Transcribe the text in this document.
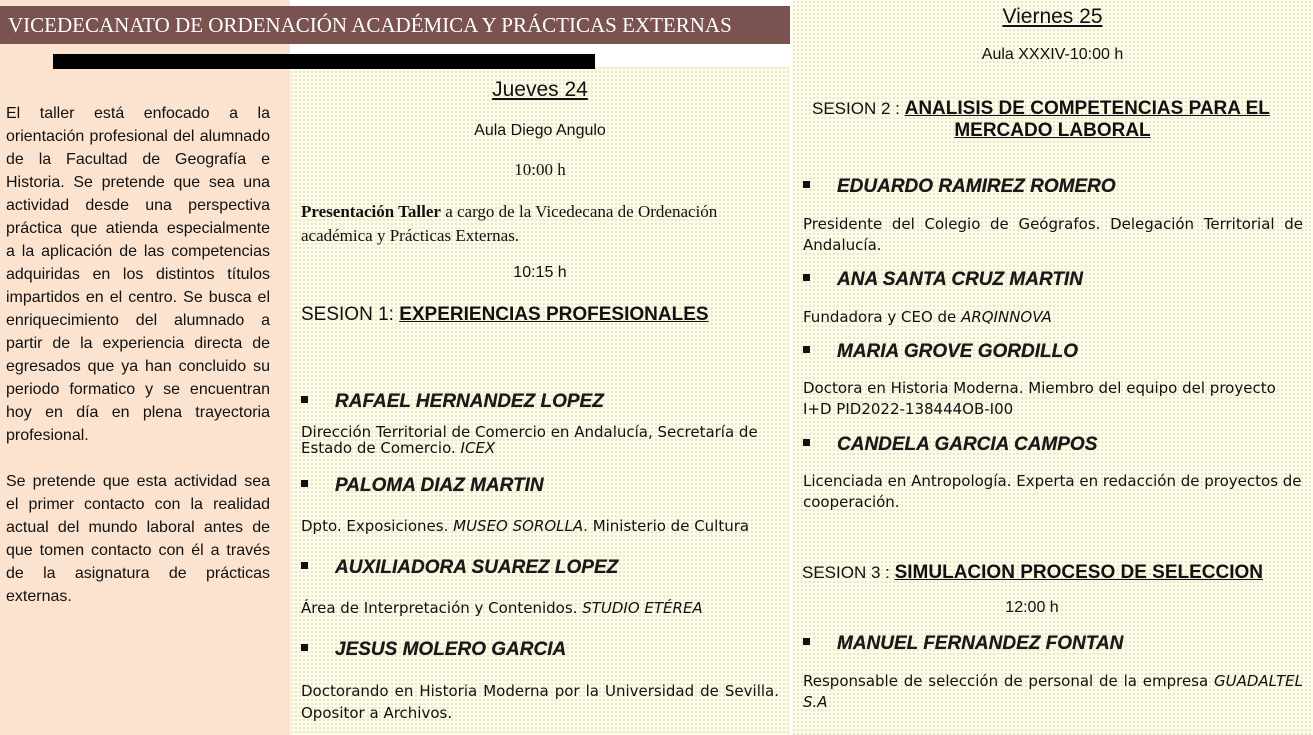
El taller está enfocado a la orientación profesional del alumnado de la Facultad de Geografía e Historia. Se pretende que sea una actividad desde una perspectiva práctica que atienda especialmente a la aplicación de las competencias adquiridas en los distintos títulos impartidos en el centro. Se busca el enriquecimiento del alumnado a partir de la experiencia directa de egresados que ya han concluido su periodo formatico y se encuentran hoy en día en plena trayectoria profesional.

Se pretende que esta actividad sea el primer contacto con la realidad actual del mundo laboral antes de que tomen contacto con él a través de la asignatura de prácticas externas.

Jueves 24
Aula Diego Angulo
10:00 h
Presentación Taller a cargo de la Vicedecana de Ordenación académica y Prácticas Externas.
10:15 h
SESION 1: EXPERIENCIAS PROFESIONALES
RAFAEL HERNANDEZ LOPEZ
Dirección Territorial de Comercio en Andalucía, Secretaría de Estado de Comercio. ICEX
PALOMA DIAZ MARTIN
Dpto. Exposiciones. MUSEO SOROLLA. Ministerio de Cultura
AUXILIADORA SUAREZ LOPEZ
Área de Interpretación y Contenidos. STUDIO ETÉREA
JESUS MOLERO GARCIA
Doctorando en Historia Moderna por la Universidad de Sevilla. Opositor a Archivos.
VICEDECANATO DE ORDENACIÓN ACADÉMICA Y PRÁCTICAS EXTERNAS	Viernes 25
Aula XXXIV-10:00 h
SESION 2 : ANALISIS DE COMPETENCIAS PARA EL
MERCADO LABORAL
EDUARDO RAMIREZ ROMERO
Presidente del Colegio de Geógrafos. Delegación Territorial de Andalucía.
ANA SANTA CRUZ MARTIN
Fundadora y CEO de ARQINNOVA
MARIA GROVE GORDILLO
Doctora en Historia Moderna. Miembro del equipo del proyecto I+D PID2022-138444OB-I00
CANDELA GARCIA CAMPOS
Licenciada en Antropología. Experta en redacción de proyectos de cooperación.
SESION 3 : SIMULACION PROCESO DE SELECCION
12:00 h
MANUEL FERNANDEZ FONTAN
Responsable de selección de personal de la empresa GUADALTEL S.A
